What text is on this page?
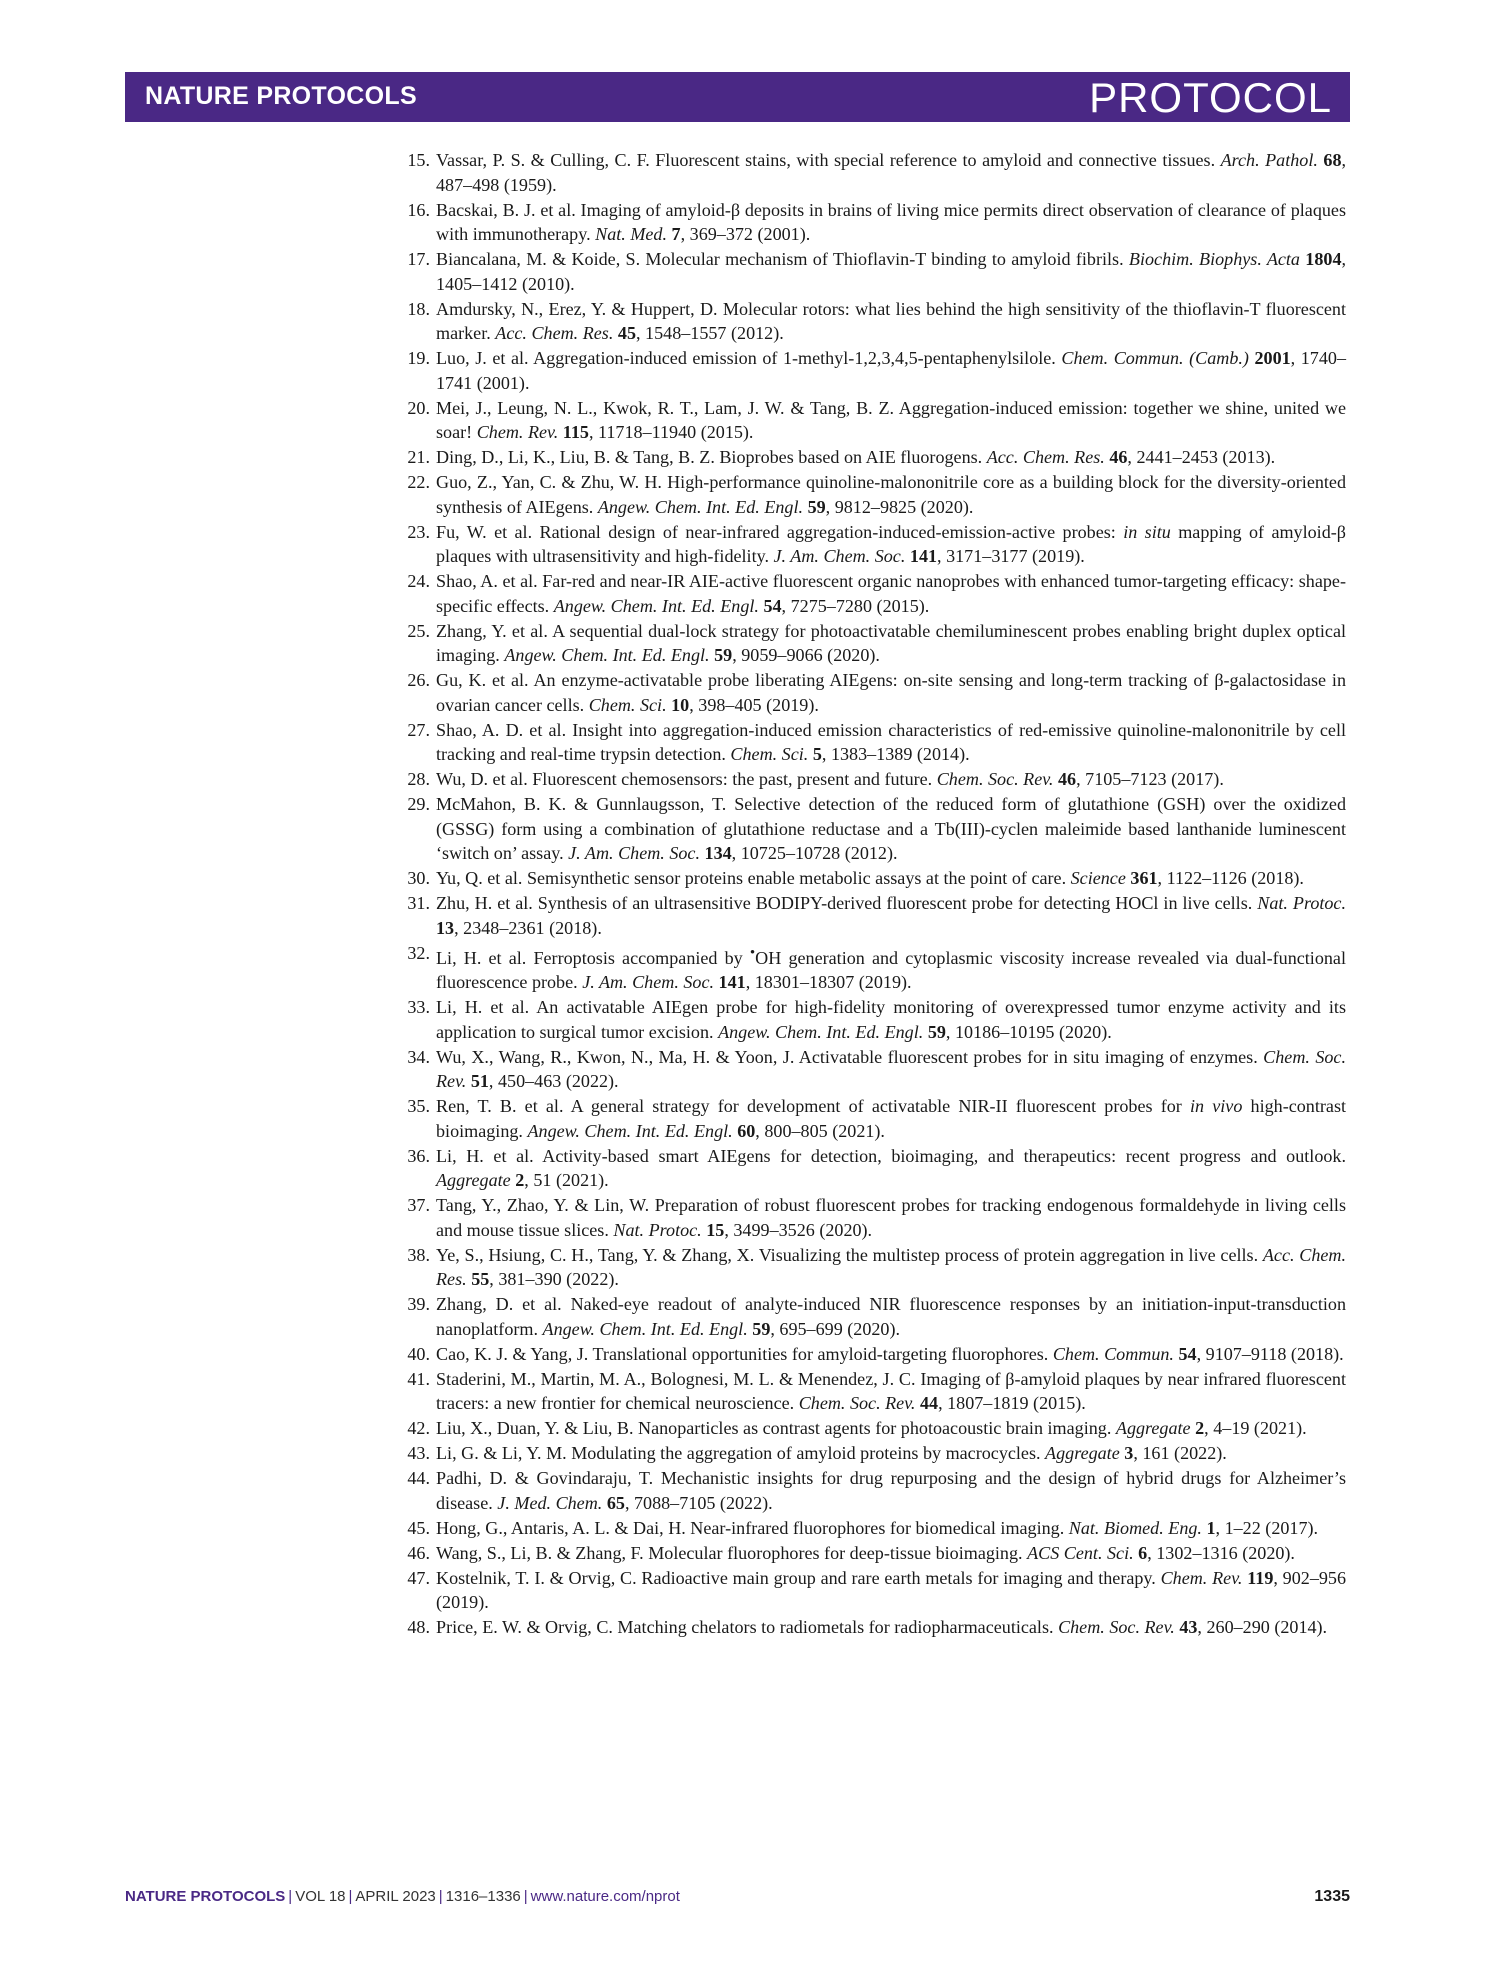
NATURE PROTOCOLS	PROTOCOL
15. Vassar, P. S. & Culling, C. F. Fluorescent stains, with special reference to amyloid and connective tissues. Arch. Pathol. 68, 487–498 (1959).
16. Bacskai, B. J. et al. Imaging of amyloid-β deposits in brains of living mice permits direct observation of clearance of plaques with immunotherapy. Nat. Med. 7, 369–372 (2001).
17. Biancalana, M. & Koide, S. Molecular mechanism of Thioflavin-T binding to amyloid fibrils. Biochim. Biophys. Acta 1804, 1405–1412 (2010).
18. Amdursky, N., Erez, Y. & Huppert, D. Molecular rotors: what lies behind the high sensitivity of the thioflavin-T fluorescent marker. Acc. Chem. Res. 45, 1548–1557 (2012).
19. Luo, J. et al. Aggregation-induced emission of 1-methyl-1,2,3,4,5-pentaphenylsilole. Chem. Commun. (Camb.) 2001, 1740–1741 (2001).
20. Mei, J., Leung, N. L., Kwok, R. T., Lam, J. W. & Tang, B. Z. Aggregation-induced emission: together we shine, united we soar! Chem. Rev. 115, 11718–11940 (2015).
21. Ding, D., Li, K., Liu, B. & Tang, B. Z. Bioprobes based on AIE fluorogens. Acc. Chem. Res. 46, 2441–2453 (2013).
22. Guo, Z., Yan, C. & Zhu, W. H. High-performance quinoline-malononitrile core as a building block for the diversity-oriented synthesis of AIEgens. Angew. Chem. Int. Ed. Engl. 59, 9812–9825 (2020).
23. Fu, W. et al. Rational design of near-infrared aggregation-induced-emission-active probes: in situ mapping of amyloid-β plaques with ultrasensitivity and high-fidelity. J. Am. Chem. Soc. 141, 3171–3177 (2019).
24. Shao, A. et al. Far-red and near-IR AIE-active fluorescent organic nanoprobes with enhanced tumor-targeting efficacy: shape-specific effects. Angew. Chem. Int. Ed. Engl. 54, 7275–7280 (2015).
25. Zhang, Y. et al. A sequential dual-lock strategy for photoactivatable chemiluminescent probes enabling bright duplex optical imaging. Angew. Chem. Int. Ed. Engl. 59, 9059–9066 (2020).
26. Gu, K. et al. An enzyme-activatable probe liberating AIEgens: on-site sensing and long-term tracking of β-galactosidase in ovarian cancer cells. Chem. Sci. 10, 398–405 (2019).
27. Shao, A. D. et al. Insight into aggregation-induced emission characteristics of red-emissive quinoline-malononitrile by cell tracking and real-time trypsin detection. Chem. Sci. 5, 1383–1389 (2014).
28. Wu, D. et al. Fluorescent chemosensors: the past, present and future. Chem. Soc. Rev. 46, 7105–7123 (2017).
29. McMahon, B. K. & Gunnlaugsson, T. Selective detection of the reduced form of glutathione (GSH) over the oxidized (GSSG) form using a combination of glutathione reductase and a Tb(III)-cyclen maleimide based lanthanide luminescent ‘switch on’ assay. J. Am. Chem. Soc. 134, 10725–10728 (2012).
30. Yu, Q. et al. Semisynthetic sensor proteins enable metabolic assays at the point of care. Science 361, 1122–1126 (2018).
31. Zhu, H. et al. Synthesis of an ultrasensitive BODIPY-derived fluorescent probe for detecting HOCl in live cells. Nat. Protoc. 13, 2348–2361 (2018).
32. Li, H. et al. Ferroptosis accompanied by •OH generation and cytoplasmic viscosity increase revealed via dual-functional fluorescence probe. J. Am. Chem. Soc. 141, 18301–18307 (2019).
33. Li, H. et al. An activatable AIEgen probe for high-fidelity monitoring of overexpressed tumor enzyme activity and its application to surgical tumor excision. Angew. Chem. Int. Ed. Engl. 59, 10186–10195 (2020).
34. Wu, X., Wang, R., Kwon, N., Ma, H. & Yoon, J. Activatable fluorescent probes for in situ imaging of enzymes. Chem. Soc. Rev. 51, 450–463 (2022).
35. Ren, T. B. et al. A general strategy for development of activatable NIR-II fluorescent probes for in vivo high-contrast bioimaging. Angew. Chem. Int. Ed. Engl. 60, 800–805 (2021).
36. Li, H. et al. Activity-based smart AIEgens for detection, bioimaging, and therapeutics: recent progress and outlook. Aggregate 2, 51 (2021).
37. Tang, Y., Zhao, Y. & Lin, W. Preparation of robust fluorescent probes for tracking endogenous formaldehyde in living cells and mouse tissue slices. Nat. Protoc. 15, 3499–3526 (2020).
38. Ye, S., Hsiung, C. H., Tang, Y. & Zhang, X. Visualizing the multistep process of protein aggregation in live cells. Acc. Chem. Res. 55, 381–390 (2022).
39. Zhang, D. et al. Naked-eye readout of analyte-induced NIR fluorescence responses by an initiation-input-transduction nanoplatform. Angew. Chem. Int. Ed. Engl. 59, 695–699 (2020).
40. Cao, K. J. & Yang, J. Translational opportunities for amyloid-targeting fluorophores. Chem. Commun. 54, 9107–9118 (2018).
41. Staderini, M., Martin, M. A., Bolognesi, M. L. & Menendez, J. C. Imaging of β-amyloid plaques by near infrared fluorescent tracers: a new frontier for chemical neuroscience. Chem. Soc. Rev. 44, 1807–1819 (2015).
42. Liu, X., Duan, Y. & Liu, B. Nanoparticles as contrast agents for photoacoustic brain imaging. Aggregate 2, 4–19 (2021).
43. Li, G. & Li, Y. M. Modulating the aggregation of amyloid proteins by macrocycles. Aggregate 3, 161 (2022).
44. Padhi, D. & Govindaraju, T. Mechanistic insights for drug repurposing and the design of hybrid drugs for Alzheimer’s disease. J. Med. Chem. 65, 7088–7105 (2022).
45. Hong, G., Antaris, A. L. & Dai, H. Near-infrared fluorophores for biomedical imaging. Nat. Biomed. Eng. 1, 1–22 (2017).
46. Wang, S., Li, B. & Zhang, F. Molecular fluorophores for deep-tissue bioimaging. ACS Cent. Sci. 6, 1302–1316 (2020).
47. Kostelnik, T. I. & Orvig, C. Radioactive main group and rare earth metals for imaging and therapy. Chem. Rev. 119, 902–956 (2019).
48. Price, E. W. & Orvig, C. Matching chelators to radiometals for radiopharmaceuticals. Chem. Soc. Rev. 43, 260–290 (2014).
NATURE PROTOCOLS | VOL 18 | APRIL 2023 | 1316–1336 | www.nature.com/nprot	1335
